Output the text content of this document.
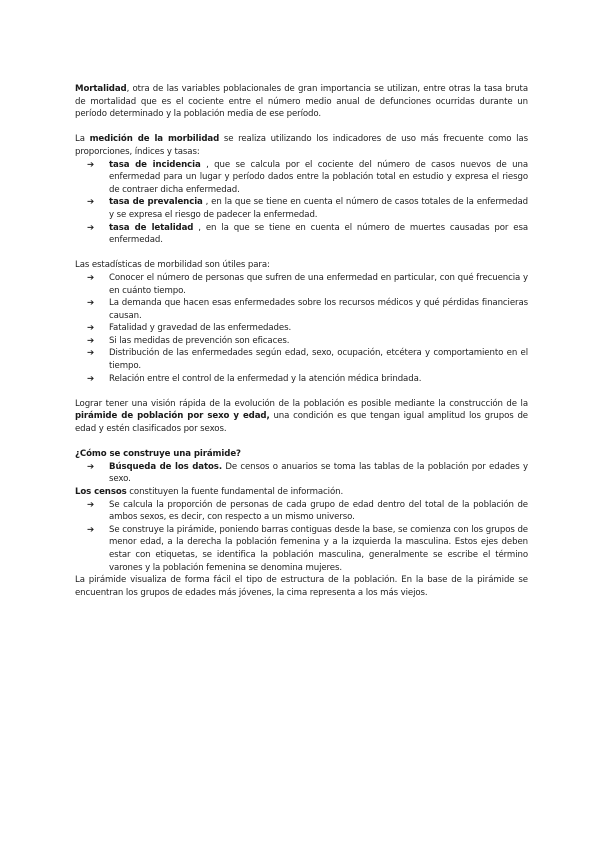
Mortalidad, otra de las variables poblacionales de gran importancia se utilizan, entre otras la tasa bruta de mortalidad que es el cociente entre el número medio anual de defunciones ocurridas durante un período determinado y la población media de ese período.

La medición de la morbilidad se realiza utilizando los indicadores de uso más frecuente como las proporciones, índices y tasas:

➔ tasa de incidencia , que se calcula por el cociente del número de casos nuevos de una enfermedad para un lugar y período dados entre la población total en estudio y expresa el riesgo de contraer dicha enfermedad.
➔ tasa de prevalencia , en la que se tiene en cuenta el número de casos totales de la enfermedad y se expresa el riesgo de padecer la enfermedad.
➔ tasa de letalidad , en la que se tiene en cuenta el número de muertes causadas por esa enfermedad.

Las estadísticas de morbilidad son útiles para:

➔ Conocer el número de personas que sufren de una enfermedad en particular, con qué frecuencia y en cuánto tiempo.
➔ La demanda que hacen esas enfermedades sobre los recursos médicos y qué pérdidas financieras causan.
➔ Fatalidad y gravedad de las enfermedades.
➔ Si las medidas de prevención son eficaces.
➔ Distribución de las enfermedades según edad, sexo, ocupación, etcétera y comportamiento en el tiempo.
➔ Relación entre el control de la enfermedad y la atención médica brindada.

Lograr tener una visión rápida de la evolución de la población es posible mediante la construcción de la pirámide de población por sexo y edad, una condición es que tengan igual amplitud los grupos de edad y estén clasificados por sexos.

¿Cómo se construye una pirámide?

➔ Búsqueda de los datos. De censos o anuarios se toma las tablas de la población por edades y sexo.

Los censos constituyen la fuente fundamental de información.

➔ Se calcula la proporción de personas de cada grupo de edad dentro del total de la población de ambos sexos, es decir, con respecto a un mismo universo.
➔ Se construye la pirámide, poniendo barras contiguas desde la base, se comienza con los grupos de menor edad, a la derecha la población femenina y a la izquierda la masculina. Estos ejes deben estar con etiquetas, se identifica la población masculina, generalmente se escribe el término varones y la población femenina se denomina mujeres.

La pirámide visualiza de forma fácil el tipo de estructura de la población. En la base de la pirámide se encuentran los grupos de edades más jóvenes, la cima representa a los más viejos.
